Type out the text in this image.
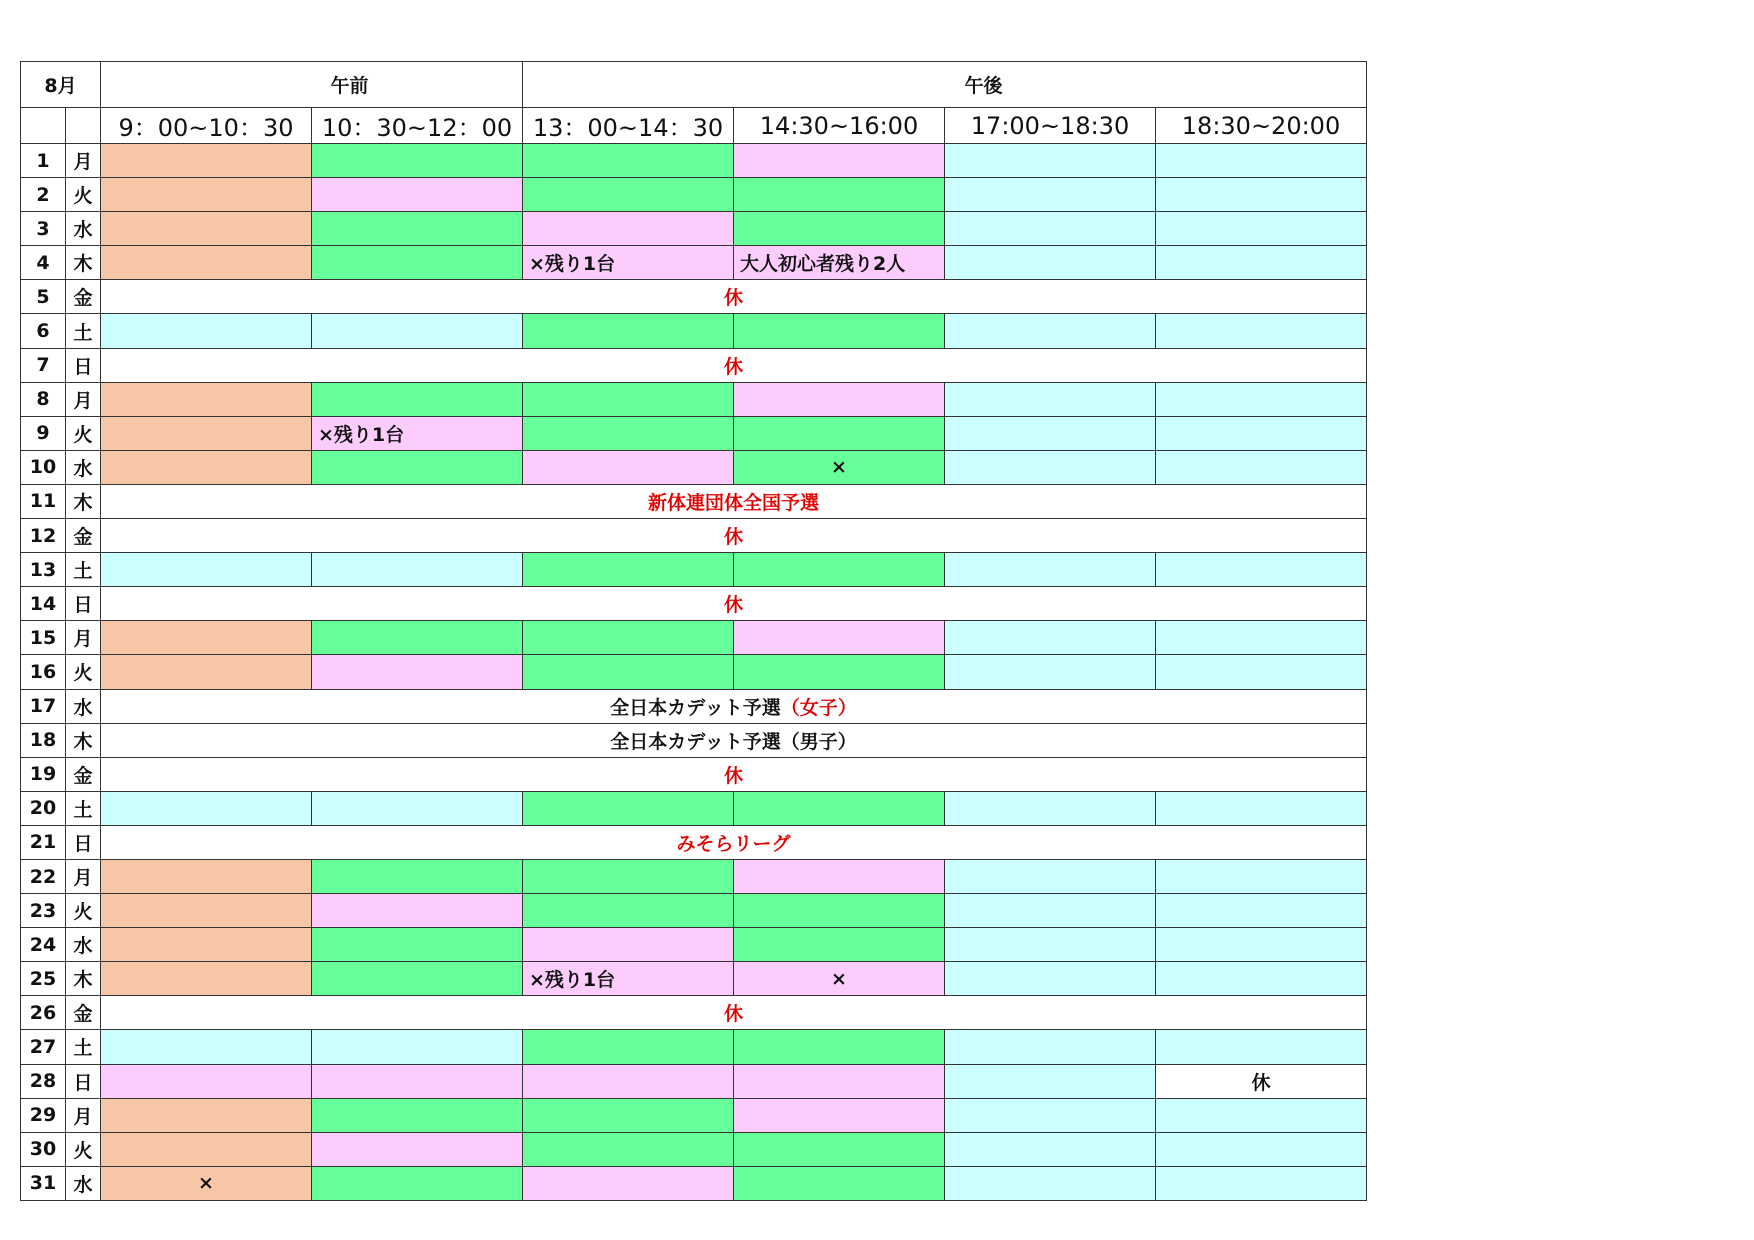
8月		午前		午後			
		9：00~10：30	10：30~12：00	13：00~14：30	14:30~16:00	17:00~18:30	18:30~20:00
1	月						
2	火						
3	水						
4	木			×残り1台	大人初心者残り2人		
5	金	休					
6	土						
7	日	休					
8	月						
9	火		×残り1台				
10	水				×		
11	木	新体連団体全国予選					
12	金	休					
13	土						
14	日	休					
15	月						
16	火						
17	水	全日本カデット予選（女子）					
18	木	全日本カデット予選（男子）					
19	金	休					
20	土						
21	日	みそらリーグ					
22	月						
23	火						
24	水						
25	木			×残り1台	×		
26	金	休					
27	土						
28	日						休
29	月						
30	火						
31	水	×					
